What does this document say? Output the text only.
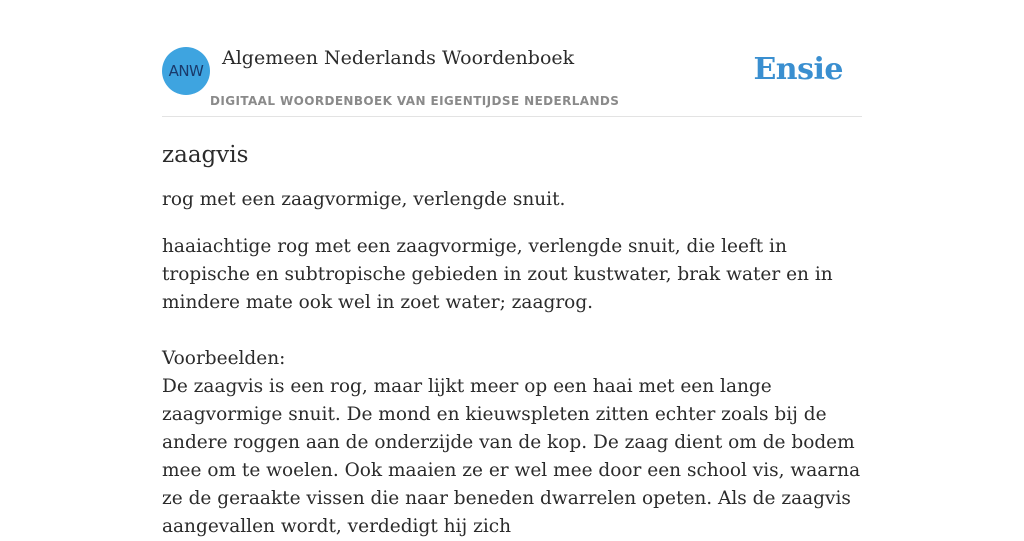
ANW
Algemeen Nederlands Woordenboek
DIGITAAL WOORDENBOEK VAN EIGENTIJDSE NEDERLANDS
Ensie
zaagvis

rog met een zaagvormige, verlengde snuit.

haaiachtige rog met een zaagvormige, verlengde snuit, die leeft in tropische en subtropische gebieden in zout kustwater, brak water en in mindere mate ook wel in zoet water; zaagrog.

Voorbeelden:

De zaagvis is een rog, maar lijkt meer op een haai met een lange zaagvormige snuit. De mond en kieuwspleten zitten echter zoals bij de andere roggen aan de onderzijde van de kop. De zaag dient om de bodem mee om te woelen. Ook maaien ze er wel mee door een school vis, waarna ze de geraakte vissen die naar beneden dwarrelen opeten. Als de zaagvis aangevallen wordt, verdedigt hij zich
